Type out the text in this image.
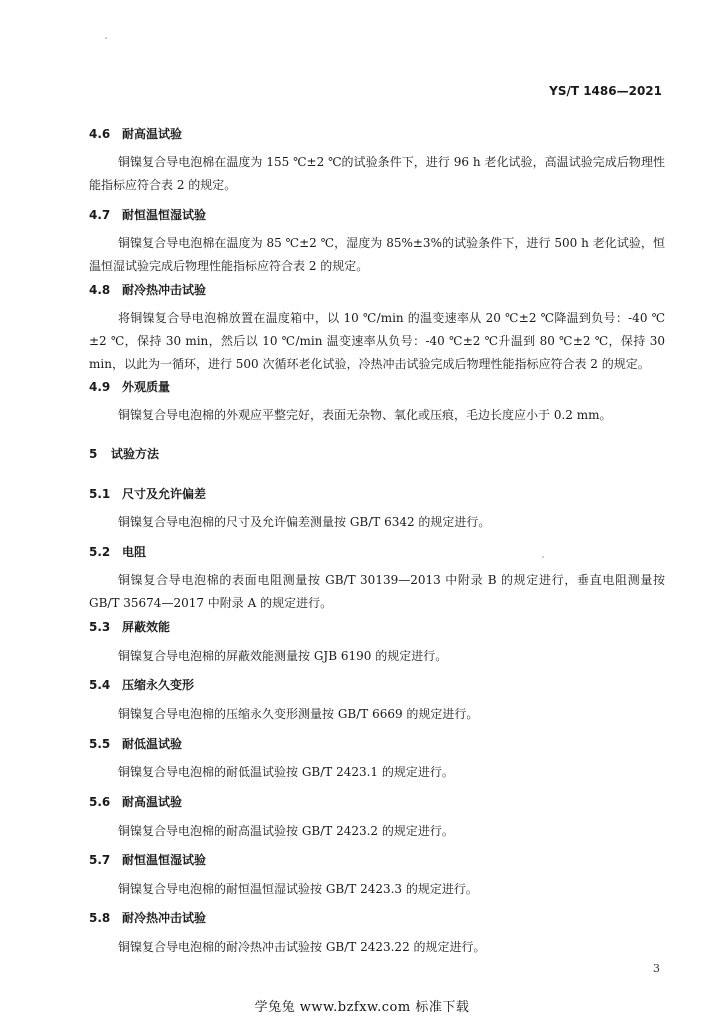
YS/T 1486—2021
4.6 耐高温试验
铜镍复合导电泡棉在温度为 155 ℃±2 ℃的试验条件下，进行 96 h 老化试验，高温试验完成后物理性能指标应符合表 2 的规定。
4.7 耐恒温恒湿试验
铜镍复合导电泡棉在温度为 85 ℃±2 ℃，湿度为 85%±3%的试验条件下，进行 500 h 老化试验，恒温恒湿试验完成后物理性能指标应符合表 2 的规定。
4.8 耐冷热冲击试验
将铜镍复合导电泡棉放置在温度箱中，以 10 ℃/min 的温变速率从 20 ℃±2 ℃降温到负号：-40 ℃±2 ℃，保持 30 min，然后以 10 ℃/min 温变速率从负号：-40 ℃±2 ℃升温到 80 ℃±2 ℃，保持 30 min，以此为一循环，进行 500 次循环老化试验，冷热冲击试验完成后物理性能指标应符合表 2 的规定。
4.9 外观质量
铜镍复合导电泡棉的外观应平整完好，表面无杂物、氧化或压痕，毛边长度应小于 0.2 mm。
5 试验方法
5.1 尺寸及允许偏差
铜镍复合导电泡棉的尺寸及允许偏差测量按 GB/T 6342 的规定进行。
5.2 电阻
铜镍复合导电泡棉的表面电阻测量按 GB/T 30139—2013 中附录 B 的规定进行，垂直电阻测量按 GB/T 35674—2017 中附录 A 的规定进行。
5.3 屏蔽效能
铜镍复合导电泡棉的屏蔽效能测量按 GJB 6190 的规定进行。
5.4 压缩永久变形
铜镍复合导电泡棉的压缩永久变形测量按 GB/T 6669 的规定进行。
5.5 耐低温试验
铜镍复合导电泡棉的耐低温试验按 GB/T 2423.1 的规定进行。
5.6 耐高温试验
铜镍复合导电泡棉的耐高温试验按 GB/T 2423.2 的规定进行。
5.7 耐恒温恒湿试验
铜镍复合导电泡棉的耐恒温恒湿试验按 GB/T 2423.3 的规定进行。
5.8 耐冷热冲击试验
铜镍复合导电泡棉的耐冷热冲击试验按 GB/T 2423.22 的规定进行。
3
学兔兔 www.bzfxw.com 标准下载
